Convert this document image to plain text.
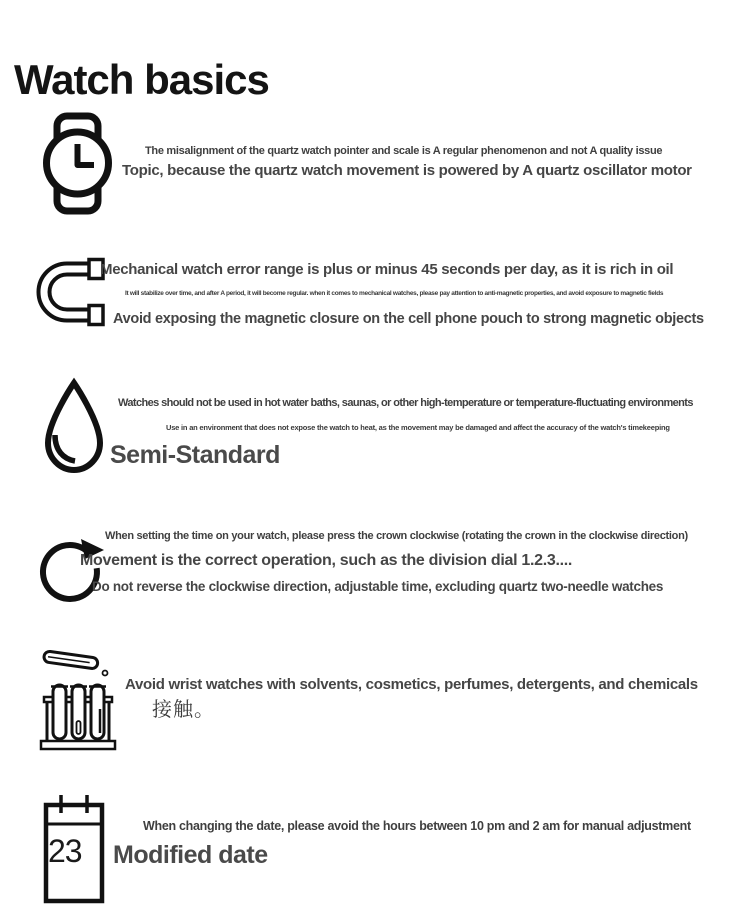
Watch basics
The misalignment of the quartz watch pointer and scale is A regular phenomenon and not A quality issue
Topic, because the quartz watch movement is powered by A quartz oscillator motor
Mechanical watch error range is plus or minus 45 seconds per day, as it is rich in oil
It will stabilize over time, and after A period, it will become regular. when it comes to mechanical watches, please pay attention to anti-magnetic properties, and avoid exposure to magnetic fields
Avoid exposing the magnetic closure on the cell phone pouch to strong magnetic objects
Watches should not be used in hot water baths, saunas, or other high-temperature or temperature-fluctuating environments
Use in an environment that does not expose the watch to heat, as the movement may be damaged and affect the accuracy of the watch's timekeeping
Semi-Standard
When setting the time on your watch, please press the crown clockwise (rotating the crown in the clockwise direction)
Movement is the correct operation, such as the division dial 1.2.3....
Do not reverse the clockwise direction, adjustable time, excluding quartz two-needle watches
Avoid wrist watches with solvents, cosmetics, perfumes, detergents, and chemicals
接触。
23
When changing the date, please avoid the hours between 10 pm and 2 am for manual adjustment
Modified date
